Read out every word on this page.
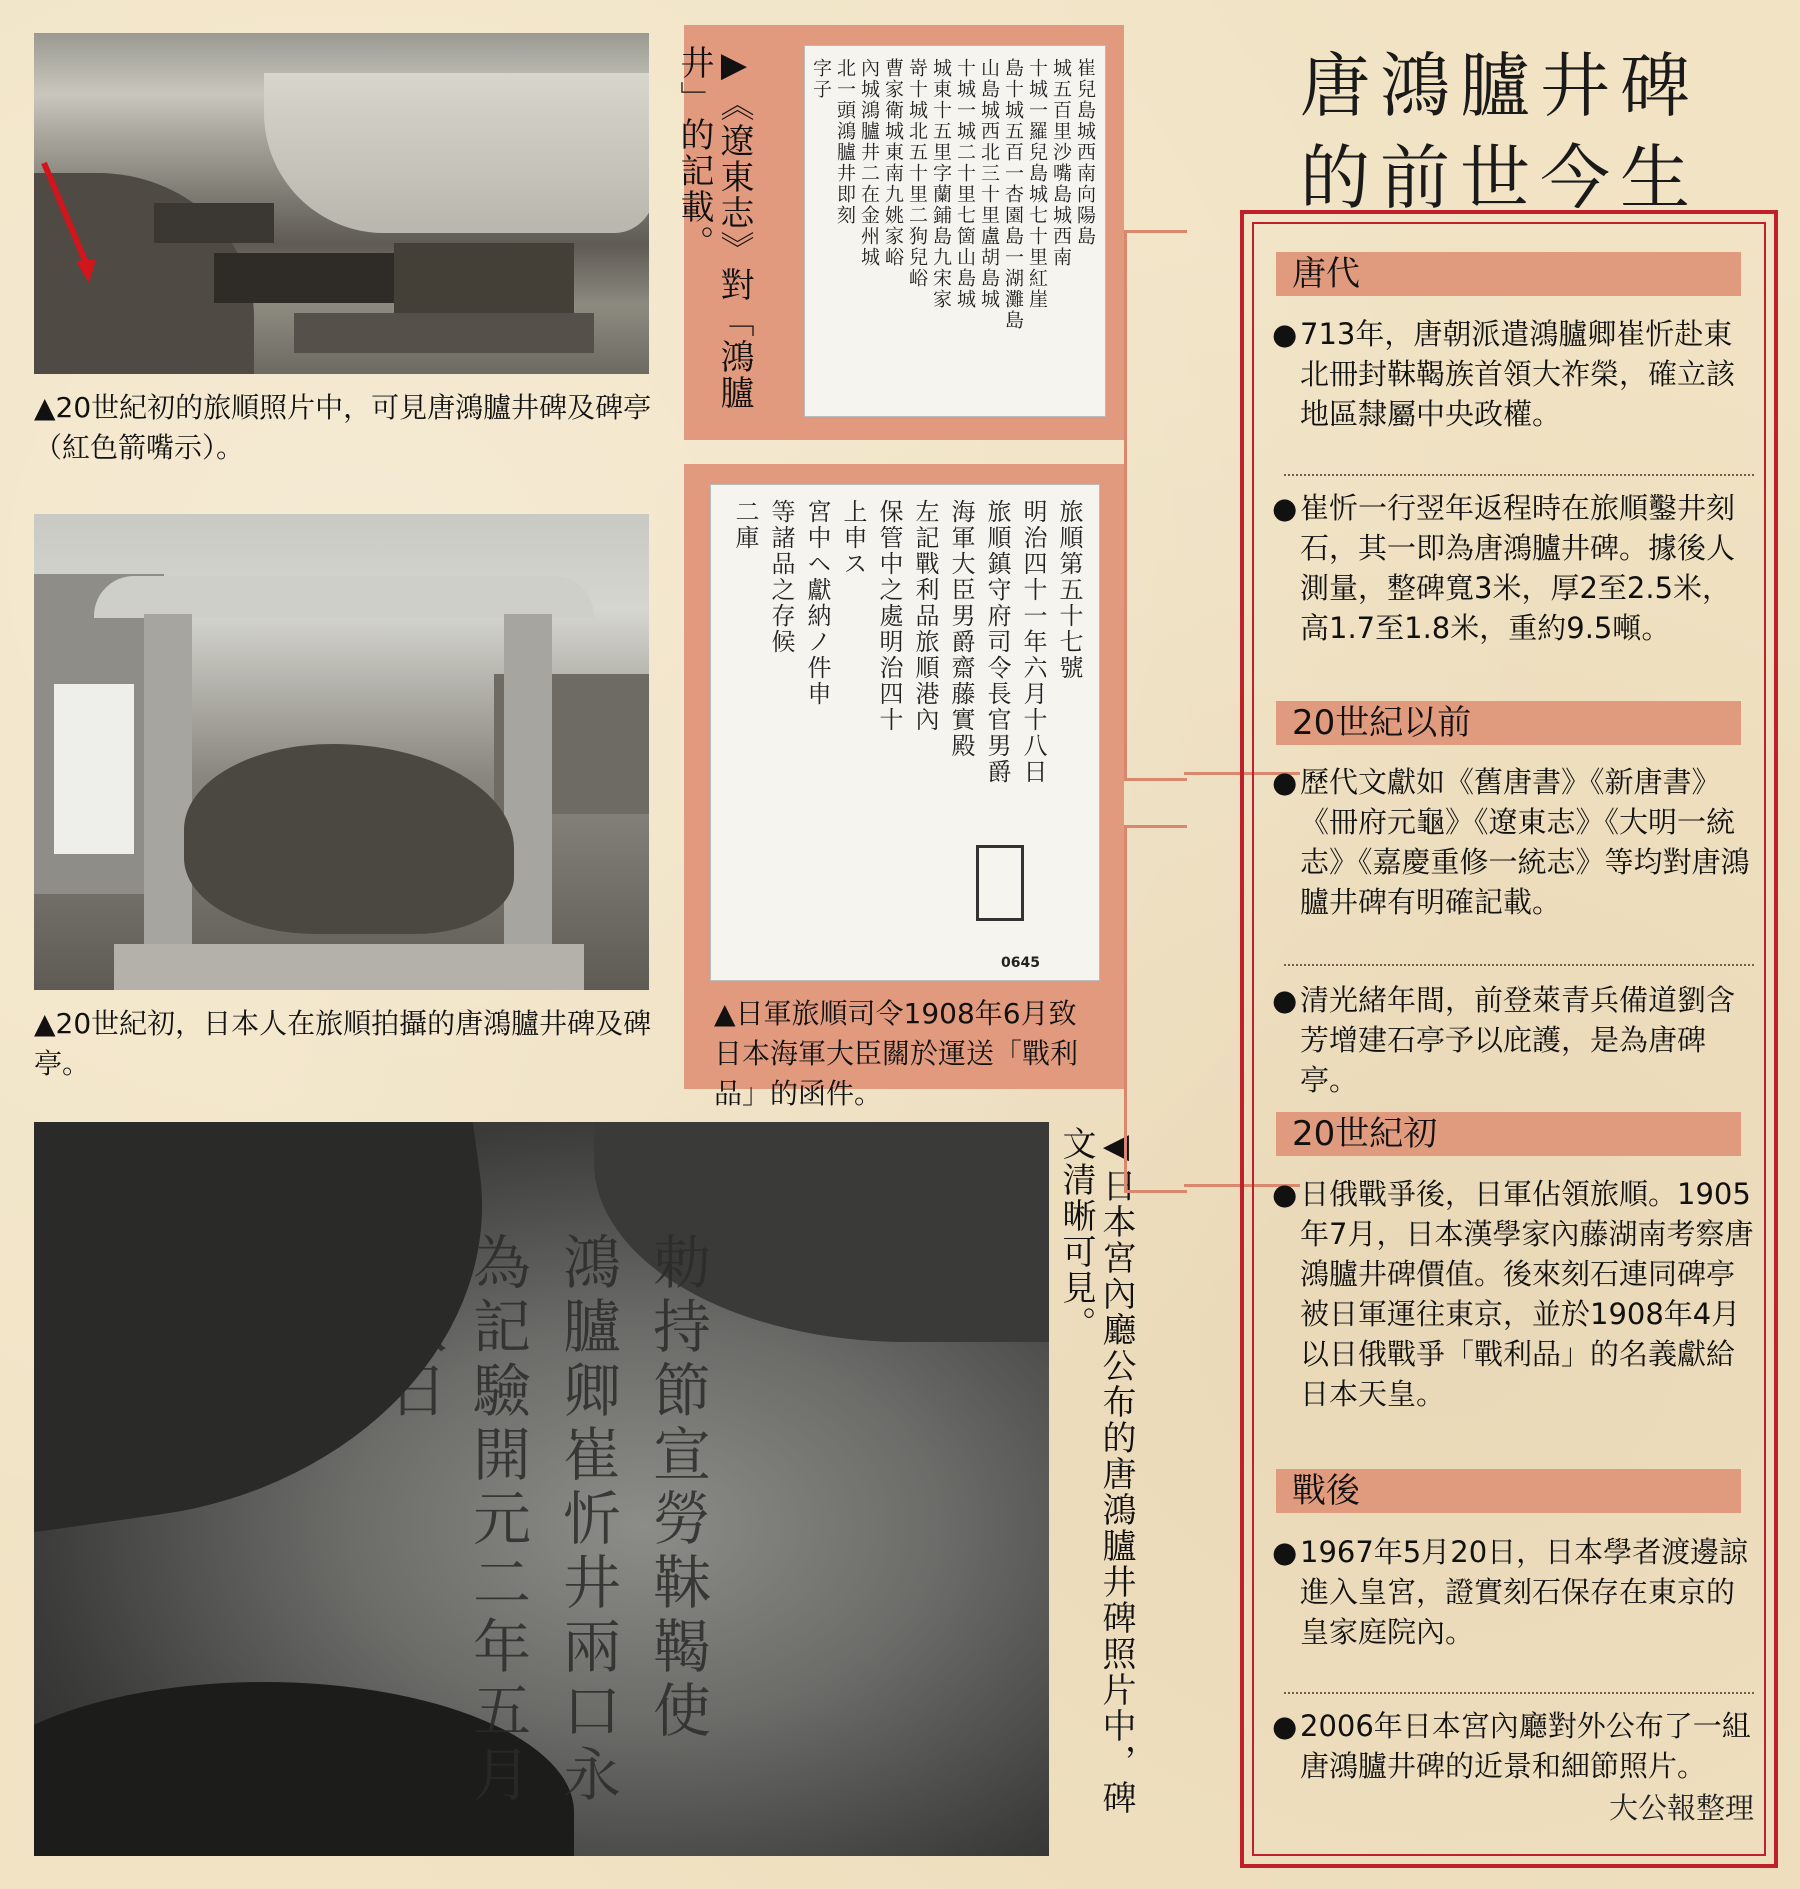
唐鴻臚井碑
的前世今生
▲20世紀初的旅順照片中，可見唐鴻臚井碑及碑亭（紅色箭嘴示）。
▲20世紀初，日本人在旅順拍攝的唐鴻臚井碑及碑亭。
▶《遼東志》對「鴻臚井」的記載。	崔兒島城西南向陽島
城五百里沙嘴島城西南
十城一羅兒島城七十里紅崖
島十城五百一杏園島一湖灘島
山島城西北三十里盧胡島城
十城一城二十里七箇山島城
城東十五里字蘭鋪島九宋家
嵜十城北五十里二狗兒峪
曹家衛城東南九姚家峪
內城鴻臚井二在金州城
北一頭鴻臚井即刻
字子
旅順第五十七號
明治四十一年六月十八日
旅順鎮守府司令長官男爵
海軍大臣男爵齋藤實殿
左記戰利品旅順港內
保管中之處明治四十
上申ス
宮中ヘ獻納ノ件申
等諸品之存候
二庫
0645
▲日軍旅順司令1908年6月致日本海軍大臣關於運送「戰利品」的函件。
勅持節宣勞靺鞨使
鴻臚卿崔忻井兩口永
為記驗開元二年五月十八日	◀日本宮內廳公布的唐鴻臚井碑照片中，碑文清晰可見。
唐代
● 713年，唐朝派遣鴻臚卿崔忻赴東北冊封靺鞨族首領大祚榮，確立該地區隸屬中央政權。
● 崔忻一行翌年返程時在旅順鑿井刻石，其一即為唐鴻臚井碑。據後人測量，整碑寬3米，厚2至2.5米，高1.7至1.8米，重約9.5噸。
20世紀以前
● 歷代文獻如《舊唐書》《新唐書》《冊府元龜》《遼東志》《大明一統志》《嘉慶重修一統志》等均對唐鴻臚井碑有明確記載。
● 清光緒年間，前登萊青兵備道劉含芳增建石亭予以庇護，是為唐碑亭。
20世紀初
● 日俄戰爭後，日軍佔領旅順。1905年7月，日本漢學家內藤湖南考察唐鴻臚井碑價值。後來刻石連同碑亭被日軍運往東京，並於1908年4月以日俄戰爭「戰利品」的名義獻給日本天皇。
戰後
● 1967年5月20日，日本學者渡邊諒進入皇宮，證實刻石保存在東京的皇家庭院內。
● 2006年日本宮內廳對外公布了一組唐鴻臚井碑的近景和細節照片。
大公報整理
